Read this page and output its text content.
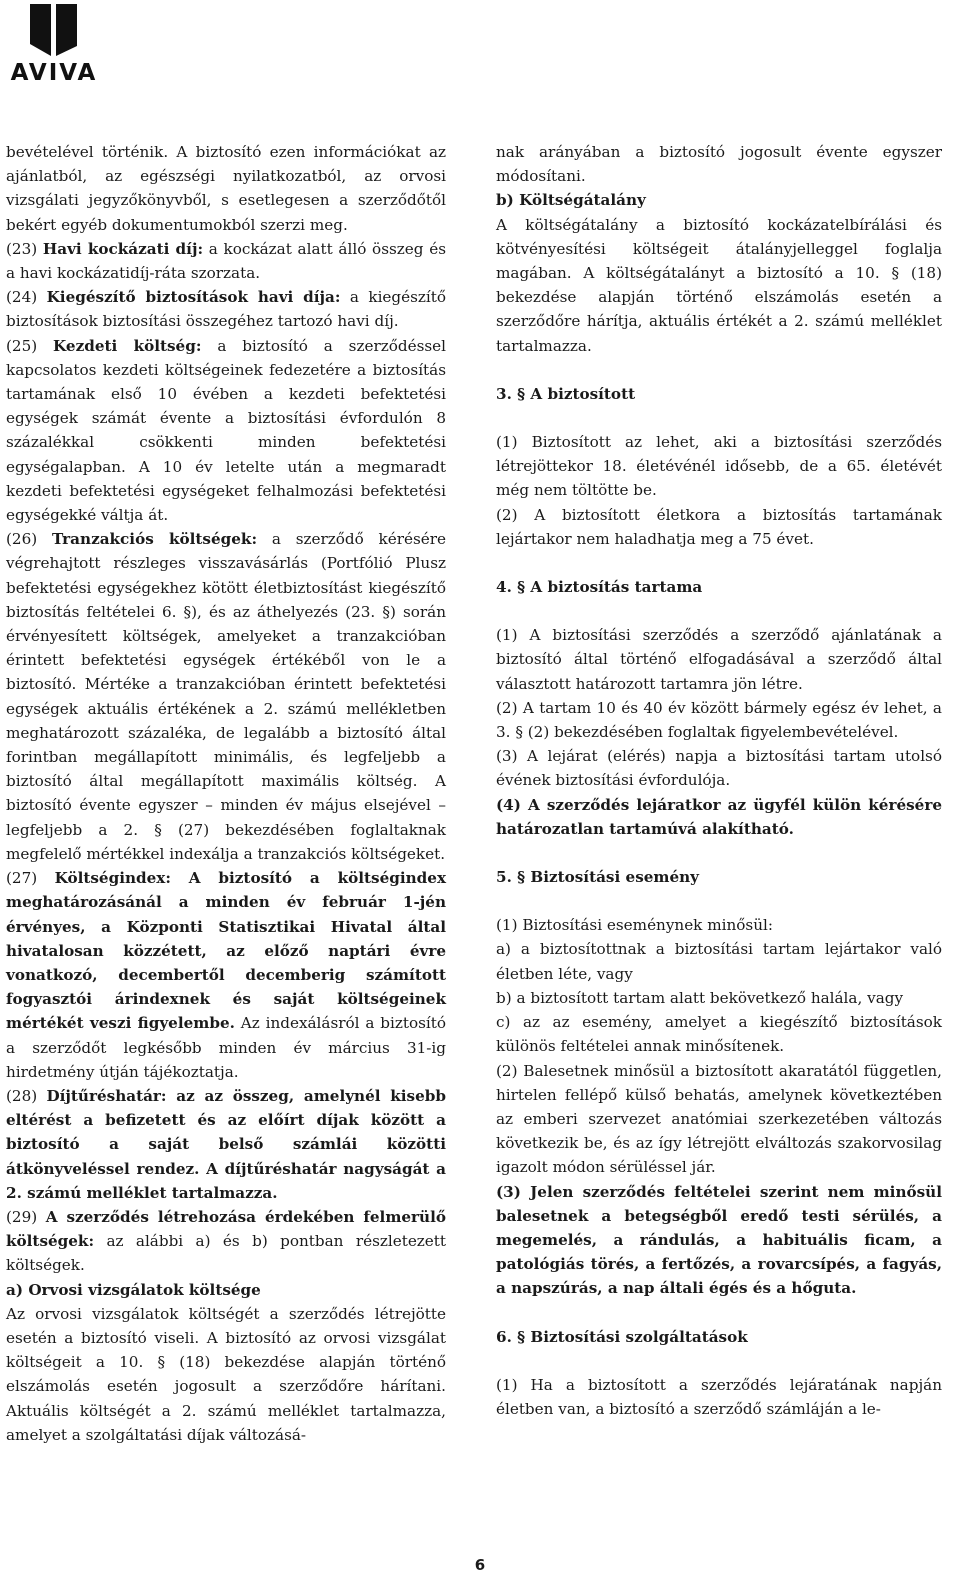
AVIVA

bevételével történik. A biztosító ezen információkat az ajánlatból, az egészségi nyilatkozatból, az orvosi vizsgálati jegyzőkönyvből, s esetlegesen a szerződőtől bekért egyéb dokumentumokból szerzi meg.

(23) Havi kockázati díj: a kockázat alatt álló összeg és a havi kockázatidíj-ráta szorzata.

(24) Kiegészítő biztosítások havi díja: a kiegészítő biztosítások biztosítási összegéhez tartozó havi díj.

(25) Kezdeti költség: a biztosító a szerződéssel kapcsolatos kezdeti költségeinek fedezetére a biztosítás tartamának első 10 évében a kezdeti befektetési egységek számát évente a biztosítási évfordulón 8 százalékkal csökkenti minden befektetési egységalapban. A 10 év letelte után a megmaradt kezdeti befektetési egységeket felhalmozási befektetési egységekké váltja át.

(26) Tranzakciós költségek: a szerződő kérésére végrehajtott részleges visszavásárlás (Portfólió Plusz befektetési egységekhez kötött életbiztosítást kiegészítő biztosítás feltételei 6. §), és az áthelyezés (23. §) során érvényesített költségek, amelyeket a tranzakcióban érintett befektetési egységek értékéből von le a biztosító. Mértéke a tranzakcióban érintett befektetési egységek aktuális értékének a 2. számú mellékletben meghatározott százaléka, de legalább a biztosító által forintban megállapított minimális, és legfeljebb a biztosító által megállapított maximális költség. A biztosító évente egyszer – minden év május elsejével – legfeljebb a 2. § (27) bekezdésében foglaltaknak megfelelő mértékkel indexálja a tranzakciós költségeket.

(27) Költségindex: A biztosító a költségindex meghatározásánál a minden év február 1-jén érvényes, a Központi Statisztikai Hivatal által hivatalosan közzétett, az előző naptári évre vonatkozó, decembertől decemberig számított fogyasztói árindexnek és saját költségeinek mértékét veszi figyelembe. Az indexálásról a biztosító a szerződőt legkésőbb minden év március 31-ig hirdetmény útján tájékoztatja.

(28) Díjtűréshatár: az az összeg, amelynél kisebb eltérést a befizetett és az előírt díjak között a biztosító a saját belső számlái közötti átkönyveléssel rendez. A díjtűréshatár nagyságát a 2. számú melléklet tartalmazza.

(29) A szerződés létrehozása érdekében felmerülő költségek: az alábbi a) és b) pontban részletezett költségek.

a) Orvosi vizsgálatok költsége

Az orvosi vizsgálatok költségét a szerződés létrejötte esetén a biztosító viseli. A biztosító az orvosi vizsgálat költségeit a 10. § (18) bekezdése alapján történő elszámolás esetén jogosult a szerződőre hárítani. Aktuális költségét a 2. számú melléklet tartalmazza, amelyet a szolgáltatási díjak változásá-

nak arányában a biztosító jogosult évente egyszer módosítani.

b) Költségátalány

A költségátalány a biztosító kockázatelbírálási és kötvényesítési költségeit átalányjelleggel foglalja magában. A költségátalányt a biztosító a 10. § (18) bekezdése alapján történő elszámolás esetén a szerződőre hárítja, aktuális értékét a 2. számú melléklet tartalmazza.

3. § A biztosított

(1) Biztosított az lehet, aki a biztosítási szerződés létrejöttekor 18. életévénél idősebb, de a 65. életévét még nem töltötte be.

(2) A biztosított életkora a biztosítás tartamának lejártakor nem haladhatja meg a 75 évet.

4. § A biztosítás tartama

(1) A biztosítási szerződés a szerződő ajánlatának a biztosító által történő elfogadásával a szerződő által választott határozott tartamra jön létre.

(2) A tartam 10 és 40 év között bármely egész év lehet, a 3. § (2) bekezdésében foglaltak figyelembevételével.

(3) A lejárat (elérés) napja a biztosítási tartam utolsó évének biztosítási évfordulója.

(4) A szerződés lejáratkor az ügyfél külön kérésére határozatlan tartamúvá alakítható.

5. § Biztosítási esemény

(1) Biztosítási eseménynek minősül:

a) a biztosítottnak a biztosítási tartam lejártakor való életben léte, vagy

b) a biztosított tartam alatt bekövetkező halála, vagy

c) az az esemény, amelyet a kiegészítő biztosítások különös feltételei annak minősítenek.

(2) Balesetnek minősül a biztosított akaratától független, hirtelen fellépő külső behatás, amelynek következtében az emberi szervezet anatómiai szerkezetében változás következik be, és az így létrejött elváltozás szakorvosilag igazolt módon sérüléssel jár.

(3) Jelen szerződés feltételei szerint nem minősül balesetnek a betegségből eredő testi sérülés, a megemelés, a rándulás, a habituális ficam, a patológiás törés, a fertőzés, a rovarcsípés, a fagyás, a napszúrás, a nap általi égés és a hőguta.

6. § Biztosítási szolgáltatások

(1) Ha a biztosított a szerződés lejáratának napján életben van, a biztosító a szerződő számláján a le-

6
